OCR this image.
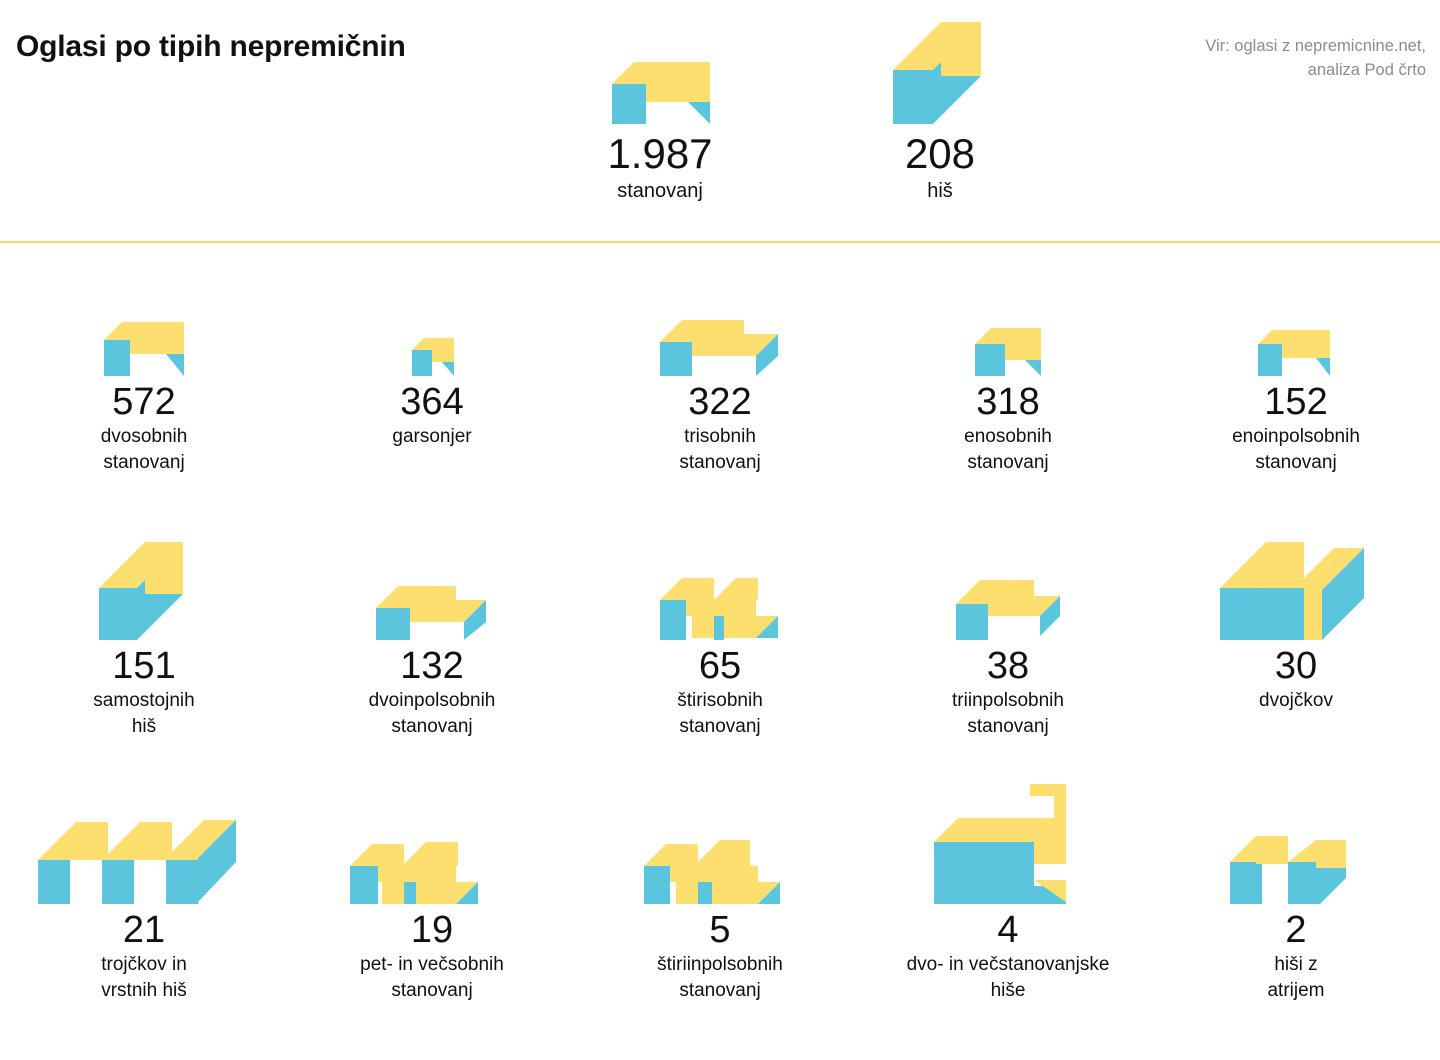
Oglasi po tipih nepremičnin	Vir: oglasi z nepremicnine.net,
analiza Pod črto
1.987
stanovanj
208
hiš
572
dvosobnih
stanovanj
364
garsonjer
322
trisobnih
stanovanj
318
enosobnih
stanovanj
152
enoinpolsobnih
stanovanj
151
samostojnih
hiš
132
dvoinpolsobnih
stanovanj
65
štirisobnih
stanovanj
38
triinpolsobnih
stanovanj
30
dvojčkov
21
trojčkov in
vrstnih hiš
19
pet- in večsobnih
stanovanj
5
štiriinpolsobnih
stanovanj
4
dvo- in večstanovanjske
hiše
2
hiši z
atrijem
